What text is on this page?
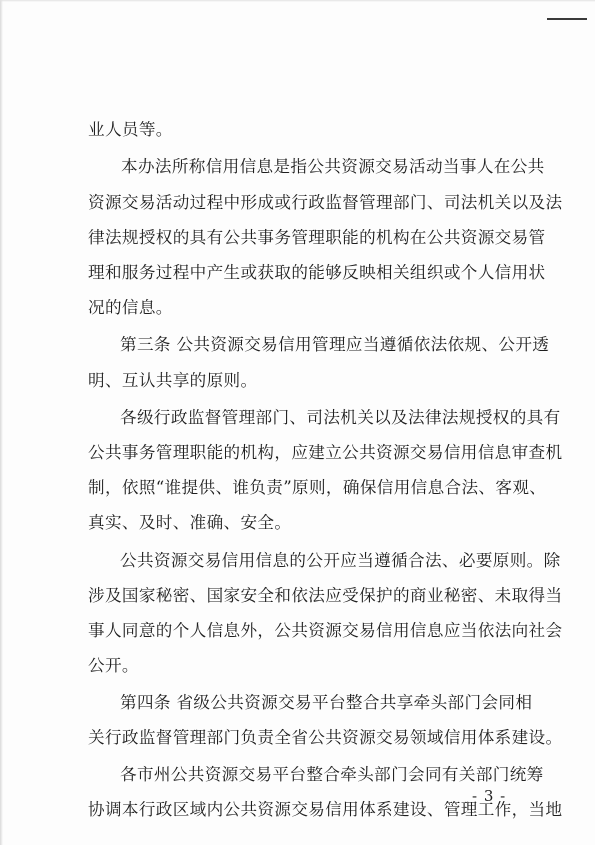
业人员等。
本办法所称信用信息是指公共资源交易活动当事人在公共
资源交易活动过程中形成或行政监督管理部门、司法机关以及法
律法规授权的具有公共事务管理职能的机构在公共资源交易管
理和服务过程中产生或获取的能够反映相关组织或个人信用状
况的信息。
第三条 公共资源交易信用管理应当遵循依法依规、公开透
明、互认共享的原则。
各级行政监督管理部门、司法机关以及法律法规授权的具有
公共事务管理职能的机构，应建立公共资源交易信用信息审查机
制，依照“谁提供、谁负责”原则，确保信用信息合法、客观、
真实、及时、准确、安全。
公共资源交易信用信息的公开应当遵循合法、必要原则。除
涉及国家秘密、国家安全和依法应受保护的商业秘密、未取得当
事人同意的个人信息外，公共资源交易信用信息应当依法向社会
公开。
第四条 省级公共资源交易平台整合共享牵头部门会同相
关行政监督管理部门负责全省公共资源交易领域信用体系建设。
各市州公共资源交易平台整合牵头部门会同有关部门统筹
协调本行政区域内公共资源交易信用体系建设、管理工作，当地
- 3 -
